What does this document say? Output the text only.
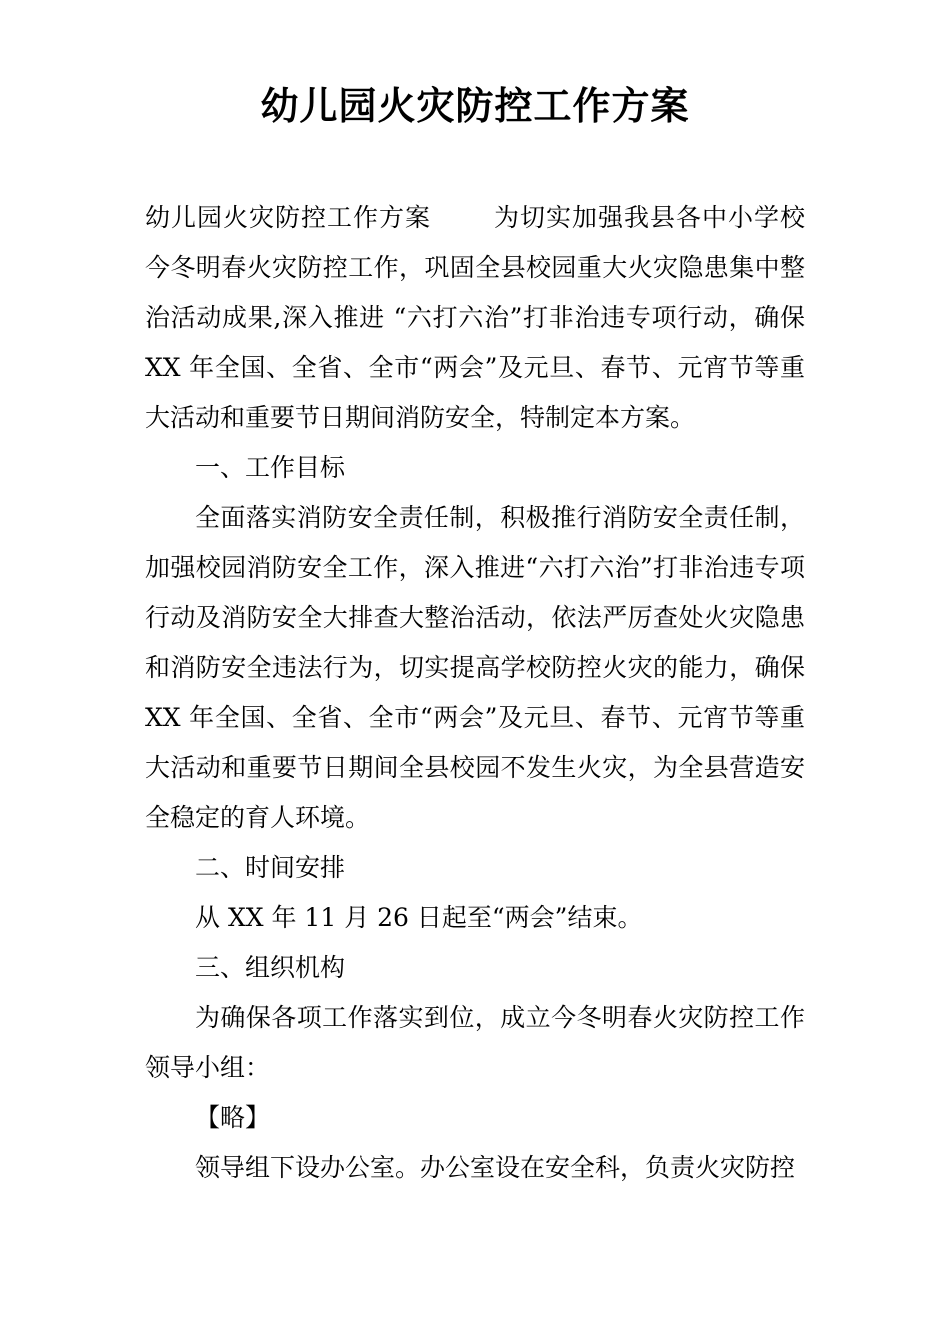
幼儿园火灾防控工作方案

幼儿园火灾防控工作方案 为切实加强我县各中小学校今冬明春火灾防控工作，巩固全县校园重大火灾隐患集中整治活动成果,深入推进 “六打六治”打非治违专项行动，确保 XX 年全国、全省、全市“两会”及元旦、春节、元宵节等重大活动和重要节日期间消防安全，特制定本方案。

一、工作目标

全面落实消防安全责任制，积极推行消防安全责任制，加强校园消防安全工作，深入推进“六打六治”打非治违专项行动及消防安全大排查大整治活动，依法严厉查处火灾隐患和消防安全违法行为，切实提高学校防控火灾的能力，确保 XX 年全国、全省、全市“两会”及元旦、春节、元宵节等重大活动和重要节日期间全县校园不发生火灾，为全县营造安全稳定的育人环境。

二、时间安排

从 XX 年 11 月 26 日起至“两会”结束。

三、组织机构

为确保各项工作落实到位，成立今冬明春火灾防控工作领导小组：

【略】

领导组下设办公室。办公室设在安全科，负责火灾防控
